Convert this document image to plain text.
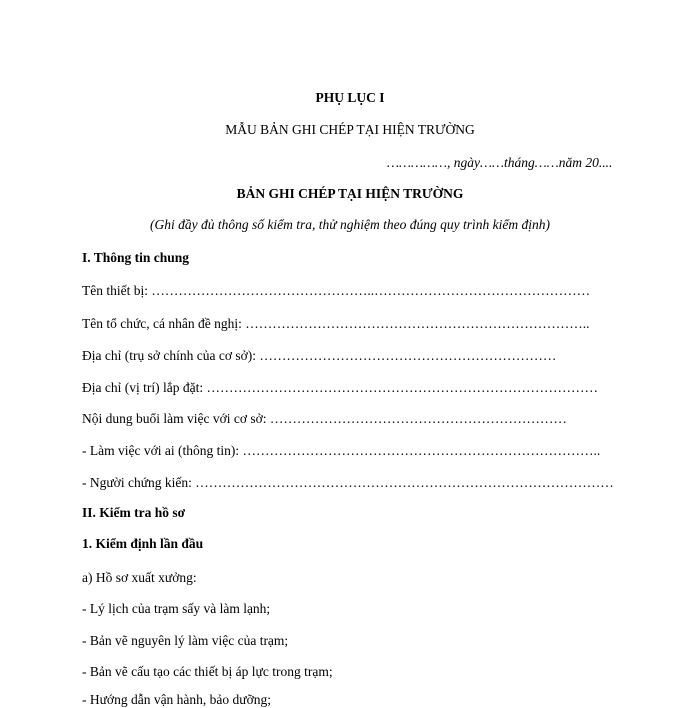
PHỤ LỤC I
MẪU BẢN GHI CHÉP TẠI HIỆN TRƯỜNG
……………, ngày……tháng……năm 20....
BẢN GHI CHÉP TẠI HIỆN TRƯỜNG
(Ghi đầy đủ thông số kiểm tra, thử nghiệm theo đúng quy trình kiểm định)
I. Thông tin chung
Tên thiết bị: …………………………………………..…………………………………………
Tên tổ chức, cá nhân đề nghị: …………………………………………………………………..
Địa chỉ (trụ sở chính của cơ sở): …………………………………………………………
Địa chỉ (vị trí) lắp đặt: ……………………………………………………………………………
Nội dung buổi làm việc với cơ sở: …………………………………………………………
- Làm việc với ai (thông tin): ……………………………………………………………………..
- Người chứng kiến: …………………………………………………………………………………
II. Kiểm tra hồ sơ
1. Kiểm định lần đầu
a) Hồ sơ xuất xưởng:
- Lý lịch của trạm sấy và làm lạnh;
- Bản vẽ nguyên lý làm việc của trạm;
- Bản vẽ cấu tạo các thiết bị áp lực trong trạm;
- Hướng dẫn vận hành, bảo dưỡng;
